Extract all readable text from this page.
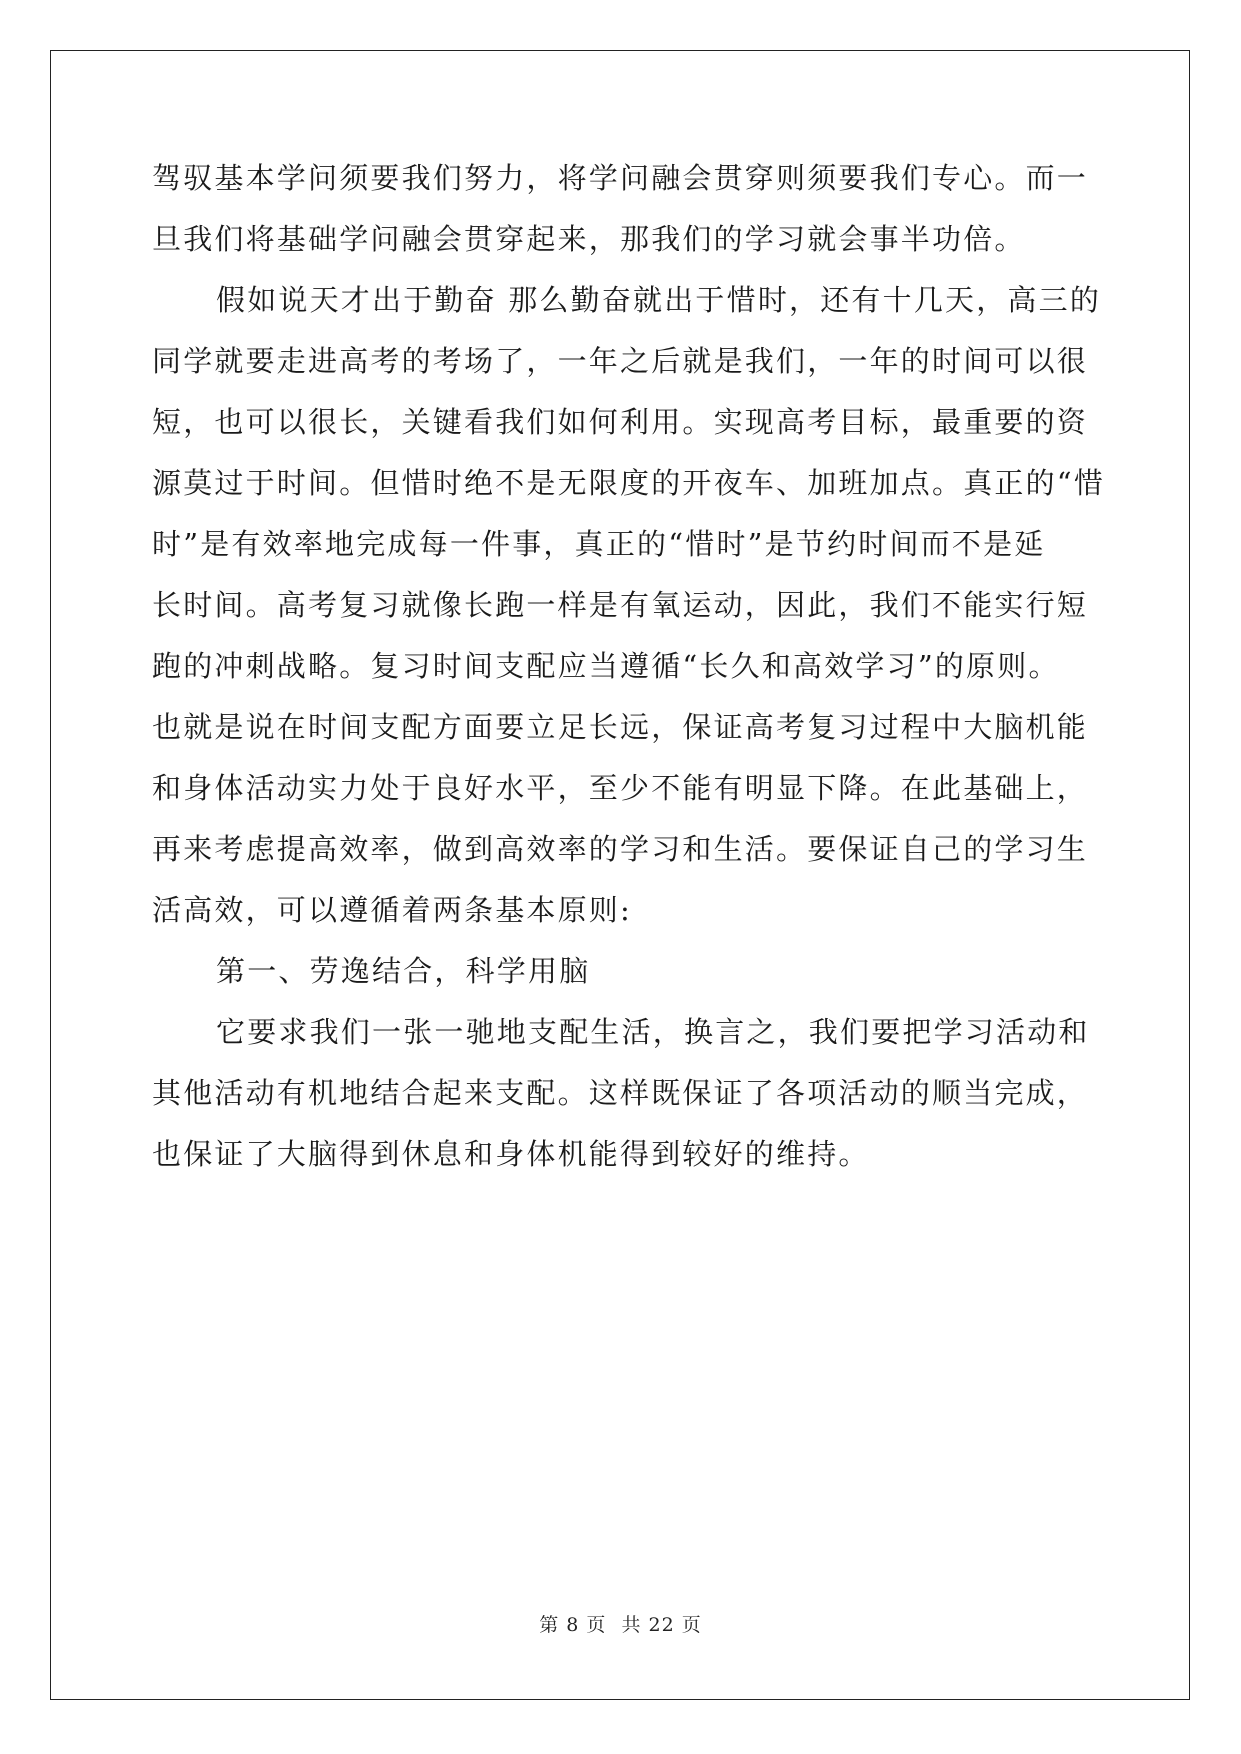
驾驭基本学问须要我们努力，将学问融会贯穿则须要我们专心。而一
旦我们将基础学问融会贯穿起来，那我们的学习就会事半功倍。
假如说天才出于勤奋 那么勤奋就出于惜时，还有十几天，高三的
同学就要走进高考的考场了，一年之后就是我们，一年的时间可以很
短，也可以很长，关键看我们如何利用。实现高考目标，最重要的资
源莫过于时间。但惜时绝不是无限度的开夜车、加班加点。真正的“惜
时”是有效率地完成每一件事，真正的“惜时”是节约时间而不是延
长时间。高考复习就像长跑一样是有氧运动，因此，我们不能实行短
跑的冲刺战略。复习时间支配应当遵循“长久和高效学习”的原则。
也就是说在时间支配方面要立足长远，保证高考复习过程中大脑机能
和身体活动实力处于良好水平，至少不能有明显下降。在此基础上，
再来考虑提高效率，做到高效率的学习和生活。要保证自己的学习生
活高效，可以遵循着两条基本原则:
第一、劳逸结合，科学用脑
它要求我们一张一驰地支配生活，换言之，我们要把学习活动和
其他活动有机地结合起来支配。这样既保证了各项活动的顺当完成，
也保证了大脑得到休息和身体机能得到较好的维持。
第 8 页 共 22 页
